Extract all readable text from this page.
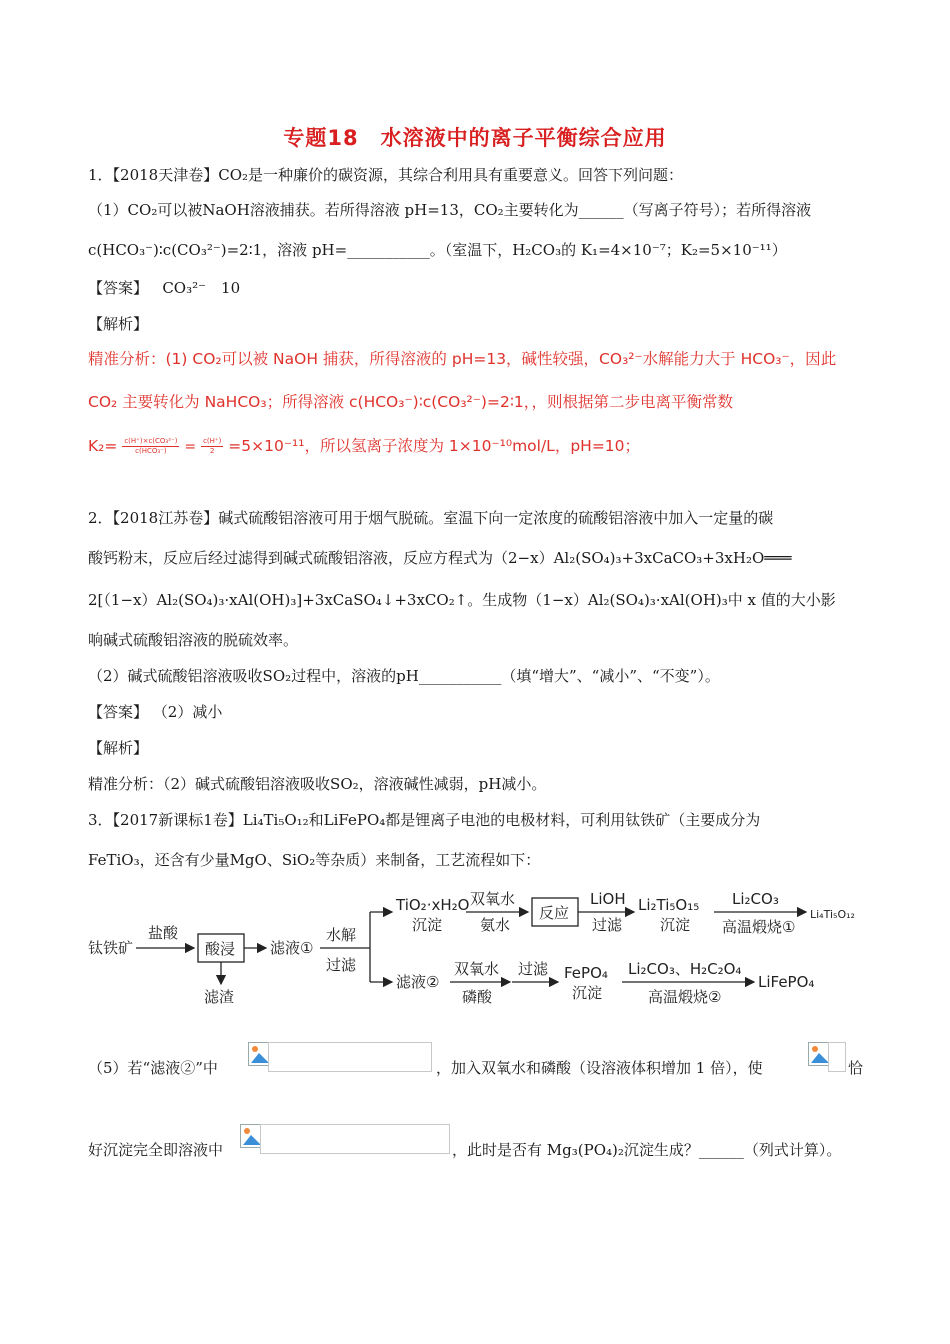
专题18　水溶液中的离子平衡综合应用
1．【2018天津卷】CO₂是一种廉价的碳资源，其综合利用具有重要意义。回答下列问题：
（1）CO₂可以被NaOH溶液捕获。若所得溶液 pH=13，CO₂主要转化为______（写离子符号）；若所得溶液
c(HCO₃⁻)∶c(CO₃²⁻)=2∶1，溶液 pH=___________。（室温下，H₂CO₃的 K₁=4×10⁻⁷；K₂=5×10⁻¹¹）
【答案】 CO₃²⁻　10
【解析】
精准分析：(1) CO₂可以被 NaOH 捕获，所得溶液的 pH=13，碱性较强，CO₃²⁻水解能力大于 HCO₃⁻，因此
CO₂ 主要转化为 NaHCO₃；所得溶液 c(HCO₃⁻)∶c(CO₃²⁻)=2∶1，，则根据第二步电离平衡常数
$K_2= \frac{\text{c(H⁺)×c(CO₃²⁻)}}{\text{c(HCO₃⁻)}} = \frac{c(H^+)}{2} =5\times 10^{-11}$，所以氢离子浓度为 1×10⁻¹⁰mol/L，pH=10；
2．【2018江苏卷】碱式硫酸铝溶液可用于烟气脱硫。室温下向一定浓度的硫酸铝溶液中加入一定量的碳
酸钙粉末，反应后经过滤得到碱式硫酸铝溶液，反应方程式为（2−x）Al₂(SO₄)₃+3xCaCO₃+3xH₂O═══
2[（1−x）Al₂(SO₄)₃·xAl(OH)₃]+3xCaSO₄↓+3xCO₂↑。生成物（1−x）Al₂(SO₄)₃·xAl(OH)₃中 x 值的大小影
响碱式硫酸铝溶液的脱硫效率。
（2）碱式硫酸铝溶液吸收SO₂过程中，溶液的pH___________（填“增大”、“减小”、“不变”）。
【答案】 （2）减小
【解析】
精准分析：（2）碱式硫酸铝溶液吸收SO₂，溶液碱性减弱，pH减小。
3．【2017新课标1卷】Li₄Ti₅O₁₂和LiFePO₄都是锂离子电池的电极材料，可利用钛铁矿（主要成分为
FeTiO₃，还含有少量MgO、SiO₂等杂质）来制备，工艺流程如下：
钛铁矿
盐酸
酸浸
滤渣
滤液①
水解
过滤
TiO₂·xH₂O
沉淀
双氧水
氨水
反应
LiOH
过滤
Li₂Ti₅O₁₅
沉淀
Li₂CO₃
高温煅烧①
Li₄Ti₅O₁₂
滤液②
双氧水
磷酸
过滤 FePO₄
沉淀
Li₂CO₃、H₂C₂O₄
高温煅烧②
LiFePO₄
（5）若“滤液②”中	，加入双氧水和磷酸（设溶液体积增加 1 倍），使	恰
好沉淀完全即溶液中	，此时是否有 Mg₃(PO₄)₂沉淀生成？______（列式计算）。
